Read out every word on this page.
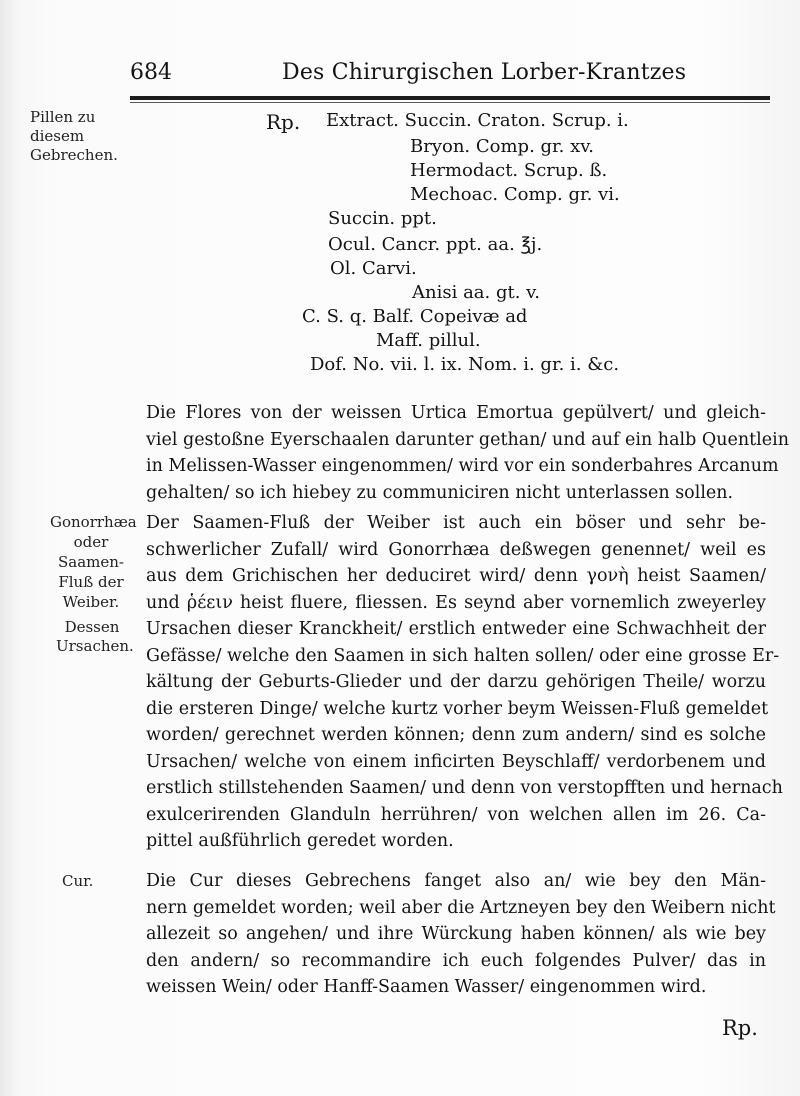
684	Des Chirurgischen Lorber-Krantzes
Pillen zu diesem Gebrechen.
Gonorrhæa oder Saamen-Fluß der Weiber.
Dessen Ursachen.
Cur.
Rp. Extract. Succin. Craton. Scrup. i.
Bryon. Comp. gr. xv.
Hermodact. Scrup. ß.
Mechoac. Comp. gr. vi.
Succin. ppt.
Ocul. Cancr. ppt. aa. ℥j.
Ol. Carvi.
Anisi aa. gt. v.
C. S. q. Balf. Copeivæ ad
Maff. pillul.
Dof. No. vii. l. ix. Nom. i. gr. i. &c.
Die Flores von der weissen Urtica Emortua gepülvert/ und gleich-
viel gestoßne Eyerschaalen darunter gethan/ und auf ein halb Quentlein
in Melissen-Wasser eingenommen/ wird vor ein sonderbahres Arcanum
gehalten/ so ich hiebey zu communiciren nicht unterlassen sollen.
Der Saamen-Fluß der Weiber ist auch ein böser und sehr be-
schwerlicher Zufall/ wird Gonorrhæa deßwegen genennet/ weil es
aus dem Grichischen her deduciret wird/ denn γονὴ heist Saamen/
und ῥέειν heist fluere, fliessen. Es seynd aber vornemlich zweyerley
Ursachen dieser Kranckheit/ erstlich entweder eine Schwachheit der
Gefässe/ welche den Saamen in sich halten sollen/ oder eine grosse Er-
kältung der Geburts-Glieder und der darzu gehörigen Theile/ worzu
die ersteren Dinge/ welche kurtz vorher beym Weissen-Fluß gemeldet
worden/ gerechnet werden können; denn zum andern/ sind es solche
Ursachen/ welche von einem inficirten Beyschlaff/ verdorbenem und
erstlich stillstehenden Saamen/ und denn von verstopfften und hernach
exulcerirenden Glanduln herrühren/ von welchen allen im 26. Ca-
pittel außführlich geredet worden.
Die Cur dieses Gebrechens fanget also an/ wie bey den Män-
nern gemeldet worden; weil aber die Artzneyen bey den Weibern nicht
allezeit so angehen/ und ihre Würckung haben können/ als wie bey
den andern/ so recommandire ich euch folgendes Pulver/ das in
weissen Wein/ oder Hanff-Saamen Wasser/ eingenommen wird.
Rp.
